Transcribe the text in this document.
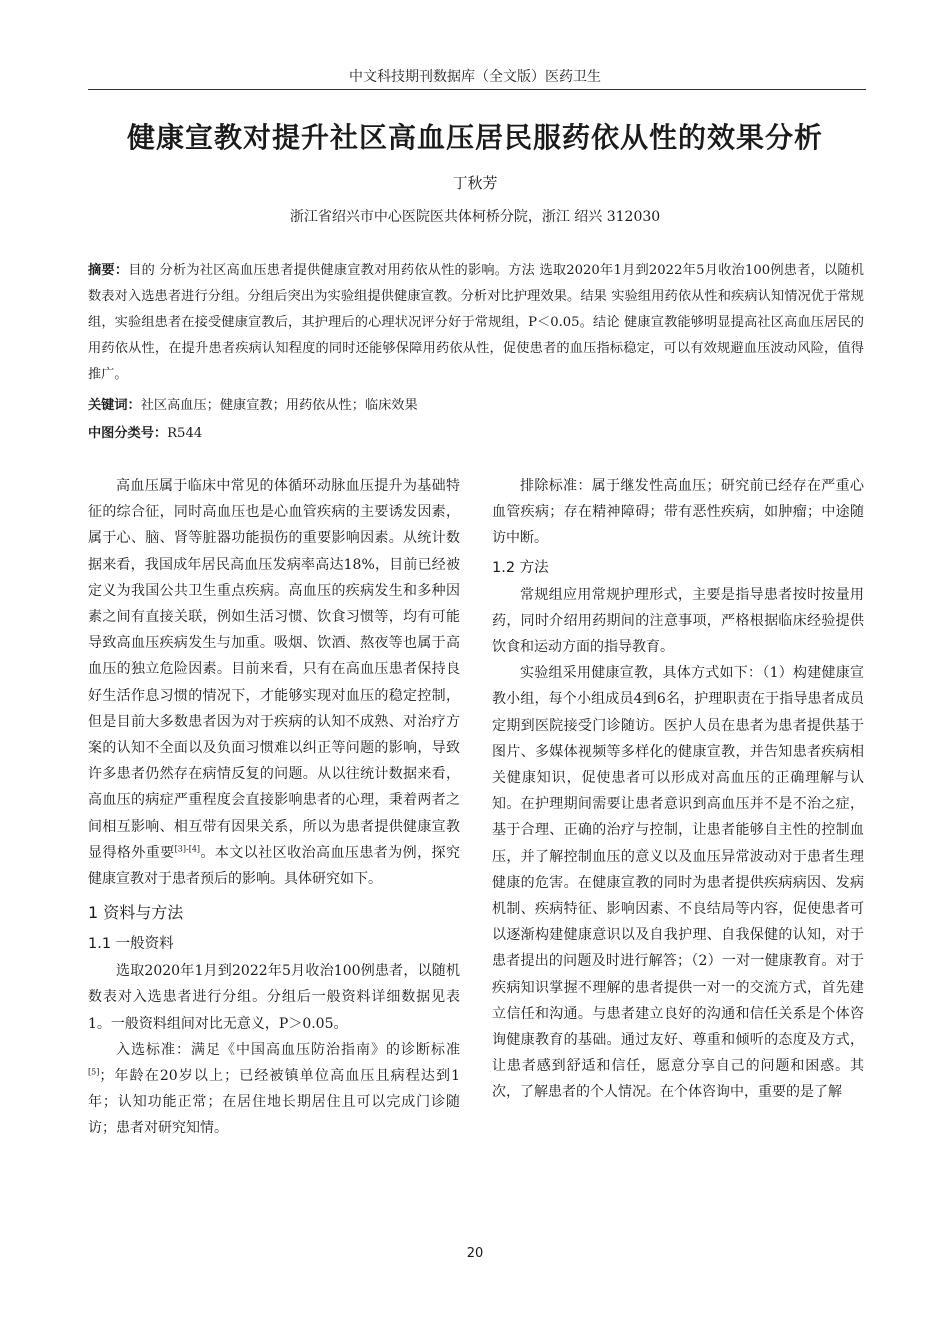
中文科技期刊数据库（全文版）医药卫生
健康宣教对提升社区高血压居民服药依从性的效果分析
丁秋芳
浙江省绍兴市中心医院医共体柯桥分院，浙江 绍兴 312030
摘要：目的 分析为社区高血压患者提供健康宣教对用药依从性的影响。方法 选取2020年1月到2022年5月收治100例患者，以随机数表对入选患者进行分组。分组后突出为实验组提供健康宣教。分析对比护理效果。结果 实验组用药依从性和疾病认知情况优于常规组，实验组患者在接受健康宣教后，其护理后的心理状况评分好于常规组，P＜0.05。结论 健康宣教能够明显提高社区高血压居民的用药依从性，在提升患者疾病认知程度的同时还能够保障用药依从性，促使患者的血压指标稳定，可以有效规避血压波动风险，值得推广。
关键词：社区高血压；健康宣教；用药依从性；临床效果
中图分类号：R544

高血压属于临床中常见的体循环动脉血压提升为基础特征的综合征，同时高血压也是心血管疾病的主要诱发因素，属于心、脑、肾等脏器功能损伤的重要影响因素。从统计数据来看，我国成年居民高血压发病率高达18%，目前已经被定义为我国公共卫生重点疾病。高血压的疾病发生和多种因素之间有直接关联，例如生活习惯、饮食习惯等，均有可能导致高血压疾病发生与加重。吸烟、饮酒、熬夜等也属于高血压的独立危险因素。目前来看，只有在高血压患者保持良好生活作息习惯的情况下，才能够实现对血压的稳定控制，但是目前大多数患者因为对于疾病的认知不成熟、对治疗方案的认知不全面以及负面习惯难以纠正等问题的影响，导致许多患者仍然存在病情反复的问题。从以往统计数据来看，高血压的病症严重程度会直接影响患者的心理，秉着两者之间相互影响、相互带有因果关系，所以为患者提供健康宣教显得格外重要[3]-[4]。本文以社区收治高血压患者为例，探究健康宣教对于患者预后的影响。具体研究如下。

1 资料与方法
1.1 一般资料

选取2020年1月到2022年5月收治100例患者，以随机数表对入选患者进行分组。分组后一般资料详细数据见表1。一般资料组间对比无意义，P＞0.05。

入选标准：满足《中国高血压防治指南》的诊断标准[5]；年龄在20岁以上；已经被镇单位高血压且病程达到1年；认知功能正常；在居住地长期居住且可以完成门诊随访；患者对研究知情。

排除标准：属于继发性高血压；研究前已经存在严重心血管疾病；存在精神障碍；带有恶性疾病，如肿瘤；中途随访中断。

1.2 方法

常规组应用常规护理形式，主要是指导患者按时按量用药，同时介绍用药期间的注意事项，严格根据临床经验提供饮食和运动方面的指导教育。

实验组采用健康宣教，具体方式如下：（1）构建健康宣教小组，每个小组成员4到6名，护理职责在于指导患者成员定期到医院接受门诊随访。医护人员在患者为患者提供基于图片、多媒体视频等多样化的健康宣教，并告知患者疾病相关健康知识，促使患者可以形成对高血压的正确理解与认知。在护理期间需要让患者意识到高血压并不是不治之症，基于合理、正确的治疗与控制，让患者能够自主性的控制血压，并了解控制血压的意义以及血压异常波动对于患者生理健康的危害。在健康宣教的同时为患者提供疾病病因、发病机制、疾病特征、影响因素、不良结局等内容，促使患者可以逐渐构建健康意识以及自我护理、自我保健的认知，对于患者提出的问题及时进行解答；（2）一对一健康教育。对于疾病知识掌握不理解的患者提供一对一的交流方式，首先建立信任和沟通。与患者建立良好的沟通和信任关系是个体咨询健康教育的基础。通过友好、尊重和倾听的态度及方式，让患者感到舒适和信任，愿意分享自己的问题和困惑。其次，了解患者的个人情况。在个体咨询中，重要的是了解

20
